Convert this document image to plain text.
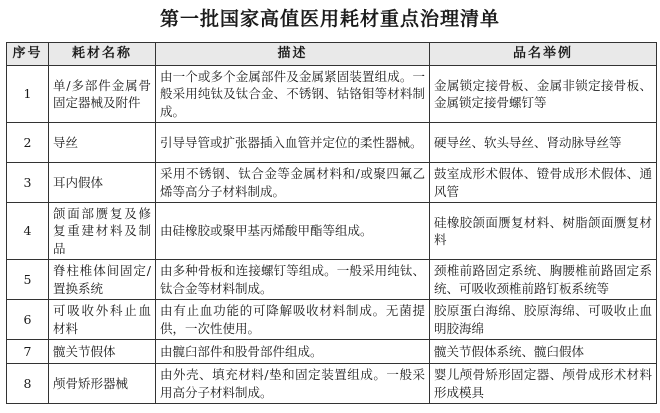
第一批国家高值医用耗材重点治理清单
序号	耗材名称	描述	品名举例
1	单/多部件金属骨固定器械及附件	由一个或多个金属部件及金属紧固装置组成。一般采用纯钛及钛合金、不锈钢、钴铬钼等材料制成。	金属锁定接骨板、金属非锁定接骨板、金属锁定接骨螺钉等
2	导丝	引导导管或扩张器插入血管并定位的柔性器械。	硬导丝、软头导丝、肾动脉导丝等
3	耳内假体	采用不锈钢、钛合金等金属材料和/或聚四氟乙烯等高分子材料制成。	鼓室成形术假体、镫骨成形术假体、通风管
4	颌面部赝复及修复重建材料及制品	由硅橡胶或聚甲基丙烯酸甲酯等组成。	硅橡胶颌面赝复材料、树脂颌面赝复材料
5	脊柱椎体间固定/置换系统	由多种骨板和连接螺钉等组成。一般采用纯钛、钛合金等材料制成。	颈椎前路固定系统、胸腰椎前路固定系统、可吸收颈椎前路钉板系统等
6	可吸收外科止血材料	由有止血功能的可降解吸收材料制成。无菌提供，一次性使用。	胶原蛋白海绵、胶原海绵、可吸收止血明胶海绵
7	髋关节假体	由髋臼部件和股骨部件组成。	髋关节假体系统、髋臼假体
8	颅骨矫形器械	由外壳、填充材料/垫和固定装置组成。一般采用高分子材料制成。	婴儿颅骨矫形固定器、颅骨成形术材料形成模具
